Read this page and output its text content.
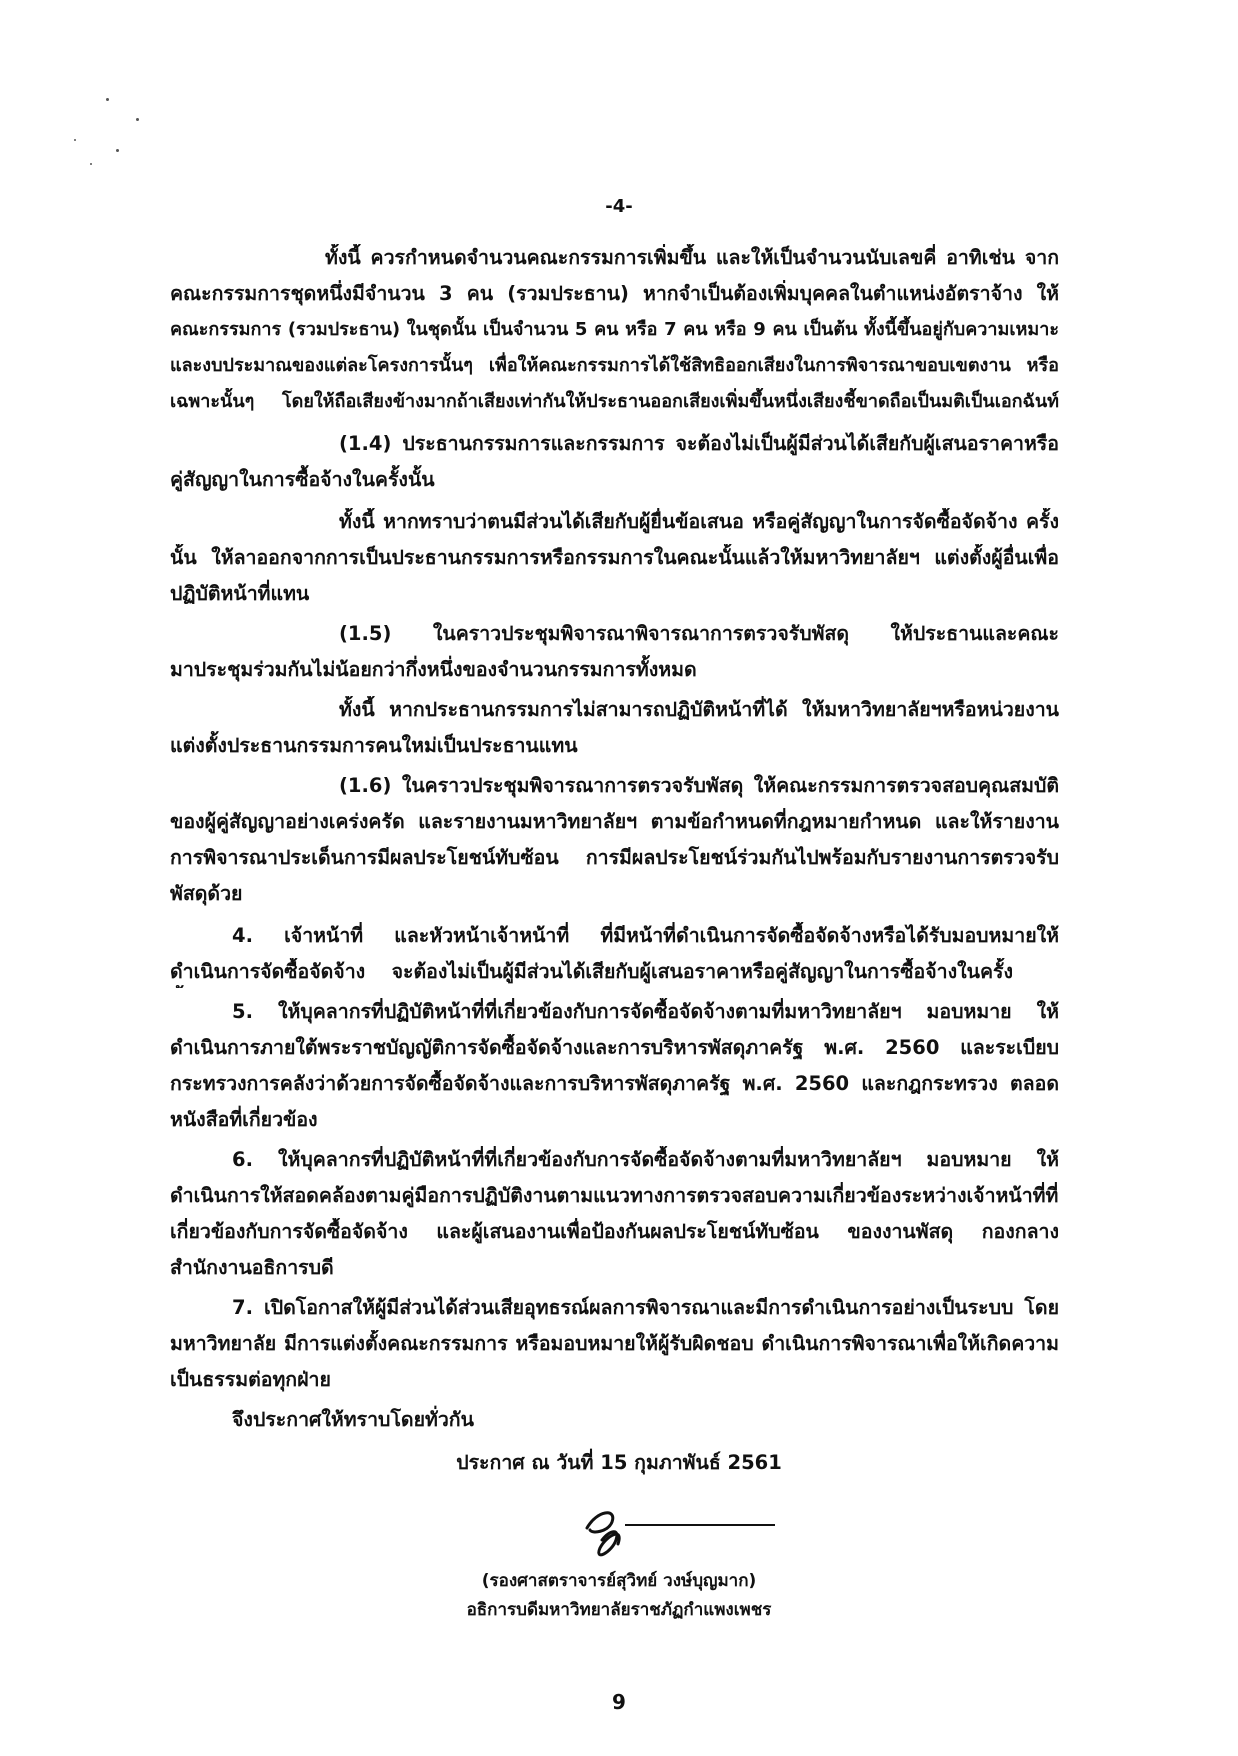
-4-
ทั้งนี้ ควรกำหนดจำนวนคณะกรรมการเพิ่มขึ้น และให้เป็นจำนวนนับเลขคี่ อาทิเช่น จาก
คณะกรรมการชุดหนึ่งมีจำนวน 3 คน (รวมประธาน) หากจำเป็นต้องเพิ่มบุคคลในตำแหน่งอัตราจ้าง ให้
คณะกรรมการ (รวมประธาน) ในชุดนั้น เป็นจำนวน 5 คน หรือ 7 คน หรือ 9 คน เป็นต้น ทั้งนี้ขึ้นอยู่กับความเหมาะ
และงบประมาณของแต่ละโครงการนั้นๆ เพื่อให้คณะกรรมการได้ใช้สิทธิออกเสียงในการพิจารณาขอบเขตงาน หรือ
เฉพาะนั้นๆ โดยให้ถือเสียงข้างมากถ้าเสียงเท่ากันให้ประธานออกเสียงเพิ่มขึ้นหนึ่งเสียงชี้ขาดถือเป็นมติเป็นเอกฉันท์
(1.4) ประธานกรรมการและกรรมการ จะต้องไม่เป็นผู้มีส่วนได้เสียกับผู้เสนอราคาหรือ
คู่สัญญาในการซื้อจ้างในครั้งนั้น
ทั้งนี้ หากทราบว่าตนมีส่วนได้เสียกับผู้ยื่นข้อเสนอ หรือคู่สัญญาในการจัดซื้อจัดจ้าง ครั้ง
นั้น ให้ลาออกจากการเป็นประธานกรรมการหรือกรรมการในคณะนั้นแล้วให้มหาวิทยาลัยฯ แต่งตั้งผู้อื่นเพื่อ
ปฏิบัติหน้าที่แทน
(1.5) ในคราวประชุมพิจารณาพิจารณาการตรวจรับพัสดุ ให้ประธานและคณะ
มาประชุมร่วมกันไม่น้อยกว่ากึ่งหนึ่งของจำนวนกรรมการทั้งหมด
ทั้งนี้ หากประธานกรรมการไม่สามารถปฏิบัติหน้าที่ได้ ให้มหาวิทยาลัยฯหรือหน่วยงาน
แต่งตั้งประธานกรรมการคนใหม่เป็นประธานแทน
(1.6) ในคราวประชุมพิจารณาการตรวจรับพัสดุ ให้คณะกรรมการตรวจสอบคุณสมบัติ
ของผู้คู่สัญญาอย่างเคร่งครัด และรายงานมหาวิทยาลัยฯ ตามข้อกำหนดที่กฎหมายกำหนด และให้รายงาน
การพิจารณาประเด็นการมีผลประโยชน์ทับซ้อน การมีผลประโยชน์ร่วมกันไปพร้อมกับรายงานการตรวจรับ
พัสดุด้วย
4. เจ้าหน้าที่ และหัวหน้าเจ้าหน้าที่ ที่มีหน้าที่ดำเนินการจัดซื้อจัดจ้างหรือได้รับมอบหมายให้
ดำเนินการจัดซื้อจัดจ้าง จะต้องไม่เป็นผู้มีส่วนได้เสียกับผู้เสนอราคาหรือคู่สัญญาในการซื้อจ้างในครั้ง
5. ให้บุคลากรที่ปฏิบัติหน้าที่ที่เกี่ยวข้องกับการจัดซื้อจัดจ้างตามที่มหาวิทยาลัยฯ มอบหมาย ให้
ดำเนินการภายใต้พระราชบัญญัติการจัดซื้อจัดจ้างและการบริหารพัสดุภาครัฐ พ.ศ. 2560 และระเบียบ
กระทรวงการคลังว่าด้วยการจัดซื้อจัดจ้างและการบริหารพัสดุภาครัฐ พ.ศ. 2560 และกฎกระทรวง ตลอด
หนังสือที่เกี่ยวข้อง
6. ให้บุคลากรที่ปฏิบัติหน้าที่ที่เกี่ยวข้องกับการจัดซื้อจัดจ้างตามที่มหาวิทยาลัยฯ มอบหมาย ให้
ดำเนินการให้สอดคล้องตามคู่มือการปฏิบัติงานตามแนวทางการตรวจสอบความเกี่ยวข้องระหว่างเจ้าหน้าที่ที่
เกี่ยวข้องกับการจัดซื้อจัดจ้าง และผู้เสนองานเพื่อป้องกันผลประโยชน์ทับซ้อน ของงานพัสดุ กองกลาง
สำนักงานอธิการบดี
7. เปิดโอกาสให้ผู้มีส่วนได้ส่วนเสียอุทธรณ์ผลการพิจารณาและมีการดำเนินการอย่างเป็นระบบ โดย
มหาวิทยาลัย มีการแต่งตั้งคณะกรรมการ หรือมอบหมายให้ผู้รับผิดชอบ ดำเนินการพิจารณาเพื่อให้เกิดความ
เป็นธรรมต่อทุกฝ่าย
จึงประกาศให้ทราบโดยทั่วกัน
ประกาศ ณ วันที่ 15 กุมภาพันธ์ 2561
(รองศาสตราจารย์สุวิทย์ วงษ์บุญมาก)
อธิการบดีมหาวิทยาลัยราชภัฏกำแพงเพชร
9
